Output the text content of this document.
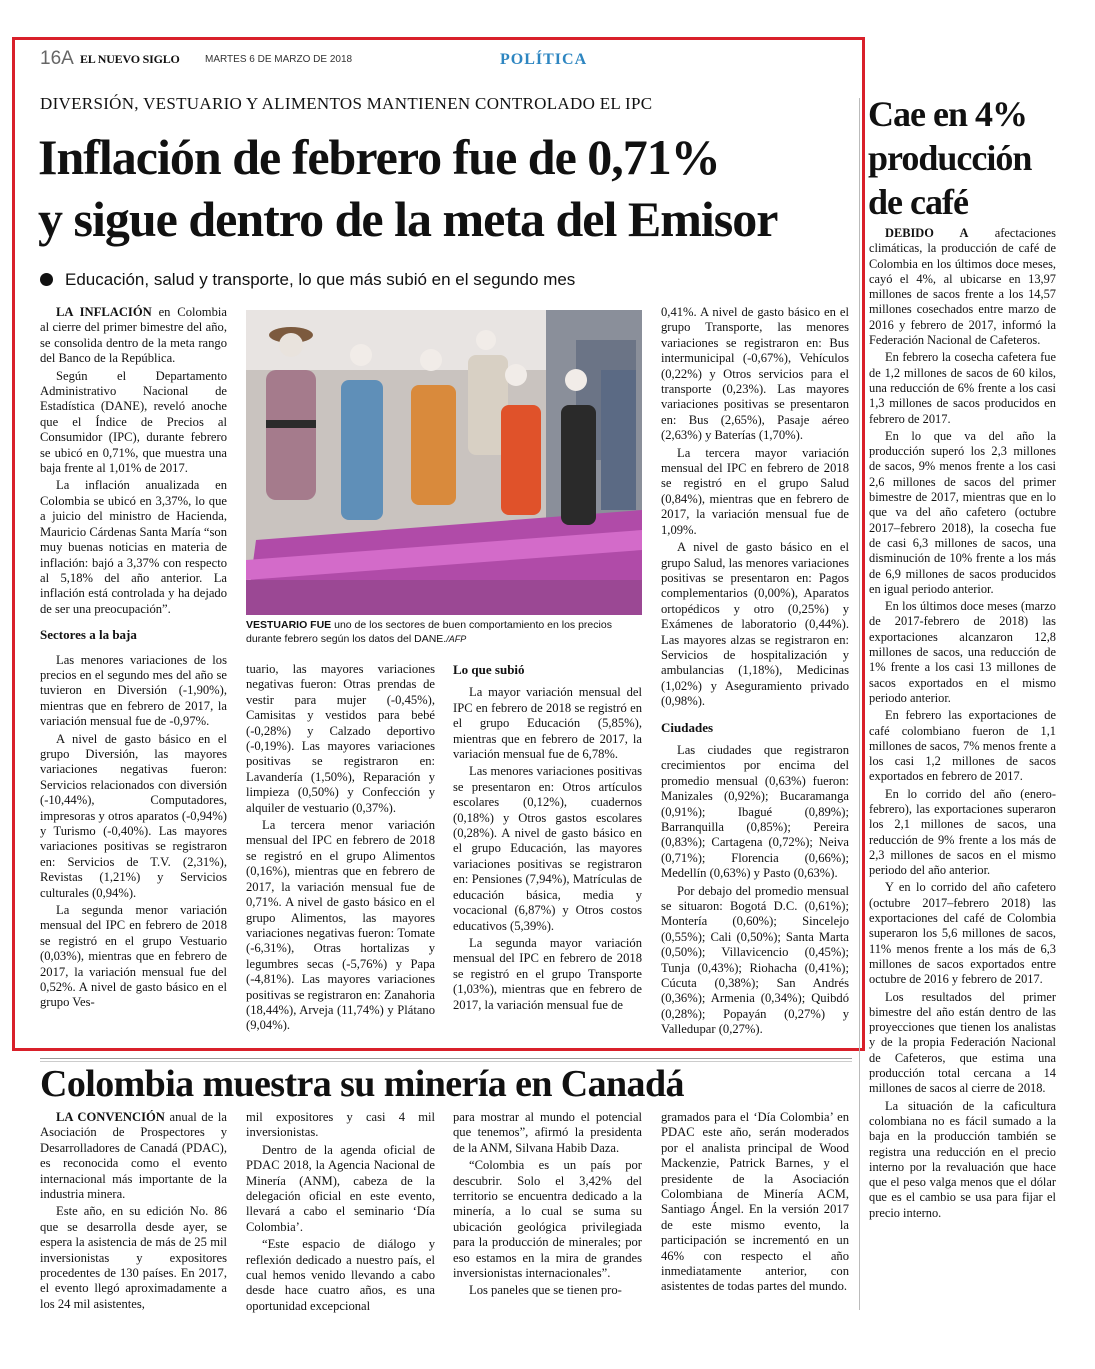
16A EL NUEVO SIGLO	MARTES 6 DE MARZO DE 2018	POLÍTICA
DIVERSIÓN, VESTUARIO Y ALIMENTOS MANTIENEN CONTROLADO EL IPC
Inflación de febrero fue de 0,71%
y sigue dentro de la meta del Emisor
Educación, salud y transporte, lo que más subió en el segundo mes

LA INFLACIÓN en Colombia al cierre del primer bimestre del año, se consolida dentro de la meta rango del Banco de la República.

Según el Departamento Administrativo Nacional de Estadística (DANE), reveló anoche que el Índice de Precios al Consumidor (IPC), durante febrero se ubicó en 0,71%, que muestra una baja frente al 1,01% de 2017.

La inflación anualizada en Colombia se ubicó en 3,37%, lo que a juicio del ministro de Hacienda, Mauricio Cárdenas Santa María “son muy buenas noticias en materia de inflación: bajó a 3,37% con respecto al 5,18% del año anterior. La inflación está controlada y ha dejado de ser una preocupación”.

Sectores a la baja

Las menores variaciones de los precios en el segundo mes del año se tuvieron en Diversión (-1,90%), mientras que en febrero de 2017, la variación mensual fue de -0,97%.

A nivel de gasto básico en el grupo Diversión, las mayores variaciones negativas fueron: Servicios relacionados con diversión (-10,44%), Computadores, impresoras y otros aparatos (-0,94%) y Turismo (-0,40%). Las mayores variaciones positivas se registraron en: Servicios de T.V. (2,31%), Revistas (1,21%) y Servicios culturales (0,94%).

La segunda menor variación mensual del IPC en febrero de 2018 se registró en el grupo Vestuario (0,03%), mientras que en febrero de 2017, la variación mensual fue del 0,52%. A nivel de gasto básico en el grupo Ves-

VESTUARIO FUE uno de los sectores de buen comportamiento en los precios durante febrero según los datos del DANE./AFP

tuario, las mayores variaciones negativas fueron: Otras prendas de vestir para mujer (-0,45%), Camisitas y vestidos para bebé (-0,28%) y Calzado deportivo (-0,19%). Las mayores variaciones positivas se registraron en: Lavandería (1,50%), Reparación y limpieza (0,50%) y Confección y alquiler de vestuario (0,37%).

La tercera menor variación mensual del IPC en febrero de 2018 se registró en el grupo Alimentos (0,16%), mientras que en febrero de 2017, la variación mensual fue de 0,71%. A nivel de gasto básico en el grupo Alimentos, las mayores variaciones negativas fueron: Tomate (-6,31%), Otras hortalizas y legumbres secas (-5,76%) y Papa (-4,81%). Las mayores variaciones positivas se registraron en: Zanahoria (18,44%), Arveja (11,74%) y Plátano (9,04%).

Lo que subió

La mayor variación mensual del IPC en febrero de 2018 se registró en el grupo Educación (5,85%), mientras que en febrero de 2017, la variación mensual fue de 6,78%.

Las menores variaciones positivas se presentaron en: Otros artículos escolares (0,12%), cuadernos (0,18%) y Otros gastos escolares (0,28%). A nivel de gasto básico en el grupo Educación, las mayores variaciones positivas se registraron en: Pensiones (7,94%), Matrículas de educación básica, media y vocacional (6,87%) y Otros costos educativos (5,39%).

La segunda mayor variación mensual del IPC en febrero de 2018 se registró en el grupo Transporte (1,03%), mientras que en febrero de 2017, la variación mensual fue de

0,41%. A nivel de gasto básico en el grupo Transporte, las menores variaciones se registraron en: Bus intermunicipal (-0,67%), Vehículos (0,22%) y Otros servicios para el transporte (0,23%). Las mayores variaciones positivas se presentaron en: Bus (2,65%), Pasaje aéreo (2,63%) y Baterías (1,70%).

La tercera mayor variación mensual del IPC en febrero de 2018 se registró en el grupo Salud (0,84%), mientras que en febrero de 2017, la variación mensual fue de 1,09%.

A nivel de gasto básico en el grupo Salud, las menores variaciones positivas se presentaron en: Pagos complementarios (0,00%), Aparatos ortopédicos y otro (0,25%) y Exámenes de laboratorio (0,44%). Las mayores alzas se registraron en: Servicios de hospitalización y ambulancias (1,18%), Medicinas (1,02%) y Aseguramiento privado (0,98%).

Ciudades

Las ciudades que registraron crecimientos por encima del promedio mensual (0,63%) fueron: Manizales (0,92%); Bucaramanga (0,91%); Ibagué (0,89%); Barranquilla (0,85%); Pereira (0,83%); Cartagena (0,72%); Neiva (0,71%); Florencia (0,66%); Medellín (0,63%) y Pasto (0,63%).

Por debajo del promedio mensual se situaron: Bogotá D.C. (0,61%); Montería (0,60%); Sincelejo (0,55%); Cali (0,50%); Santa Marta (0,50%); Villavicencio (0,45%); Tunja (0,43%); Riohacha (0,41%); Cúcuta (0,38%); San Andrés (0,36%); Armenia (0,34%); Quibdó (0,28%); Popayán (0,27%) y Valledupar (0,27%).

Cae en 4%
producción
de café

DEBIDO A afectaciones climáticas, la producción de café de Colombia en los últimos doce meses, cayó el 4%, al ubicarse en 13,97 millones de sacos frente a los 14,57 millones cosechados entre marzo de 2016 y febrero de 2017, informó la Federación Nacional de Cafeteros.

En febrero la cosecha cafetera fue de 1,2 millones de sacos de 60 kilos, una reducción de 6% frente a los casi 1,3 millones de sacos producidos en febrero de 2017.

En lo que va del año la producción superó los 2,3 millones de sacos, 9% menos frente a los casi 2,6 millones de sacos del primer bimestre de 2017, mientras que en lo que va del año cafetero (octubre 2017–febrero 2018), la cosecha fue de casi 6,3 millones de sacos, una disminución de 10% frente a los más de 6,9 millones de sacos producidos en igual periodo anterior.

En los últimos doce meses (marzo de 2017-febrero de 2018) las exportaciones alcanzaron 12,8 millones de sacos, una reducción de 1% frente a los casi 13 millones de sacos exportados en el mismo periodo anterior.

En febrero las exportaciones de café colombiano fueron de 1,1 millones de sacos, 7% menos frente a los casi 1,2 millones de sacos exportados en febrero de 2017.

En lo corrido del año (enero-febrero), las exportaciones superaron los 2,1 millones de sacos, una reducción de 9% frente a los más de 2,3 millones de sacos en el mismo periodo del año anterior.

Y en lo corrido del año cafetero (octubre 2017–febrero 2018) las exportaciones del café de Colombia superaron los 5,6 millones de sacos, 11% menos frente a los más de 6,3 millones de sacos exportados entre octubre de 2016 y febrero de 2017.

Los resultados del primer bimestre del año están dentro de las proyecciones que tienen los analistas y de la propia Federación Nacional de Cafeteros, que estima una producción total cercana a 14 millones de sacos al cierre de 2018.

La situación de la caficultura colombiana no es fácil sumado a la baja en la producción también se registra una reducción en el precio interno por la revaluación que hace que el peso valga menos que el dólar que es el cambio se usa para fijar el precio interno.

Colombia muestra su minería en Canadá

LA CONVENCIÓN anual de la Asociación de Prospectores y Desarrolladores de Canadá (PDAC), es reconocida como el evento internacional más importante de la industria minera.

Este año, en su edición No. 86 que se desarrolla desde ayer, se espera la asistencia de más de 25 mil inversionistas y expositores procedentes de 130 países. En 2017, el evento llegó aproximadamente a los 24 mil asistentes,

mil expositores y casi 4 mil inversionistas.

Dentro de la agenda oficial de PDAC 2018, la Agencia Nacional de Minería (ANM), cabeza de la delegación oficial en este evento, llevará a cabo el seminario ‘Día Colombia’.

“Este espacio de diálogo y reflexión dedicado a nuestro país, el cual hemos venido llevando a cabo desde hace cuatro años, es una oportunidad excepcional

para mostrar al mundo el potencial que tenemos”, afirmó la presidenta de la ANM, Silvana Habib Daza.

“Colombia es un país por descubrir. Solo el 3,42% del territorio se encuentra dedicado a la minería, a lo cual se suma su ubicación geológica privilegiada para la producción de minerales; por eso estamos en la mira de grandes inversionistas internacionales”.

Los paneles que se tienen pro-

gramados para el ‘Día Colombia’ en PDAC este año, serán moderados por el analista principal de Wood Mackenzie, Patrick Barnes, y el presidente de la Asociación Colombiana de Minería ACM, Santiago Ángel. En la versión 2017 de este mismo evento, la participación se incrementó en un 46% con respecto el año inmediatamente anterior, con asistentes de todas partes del mundo.
